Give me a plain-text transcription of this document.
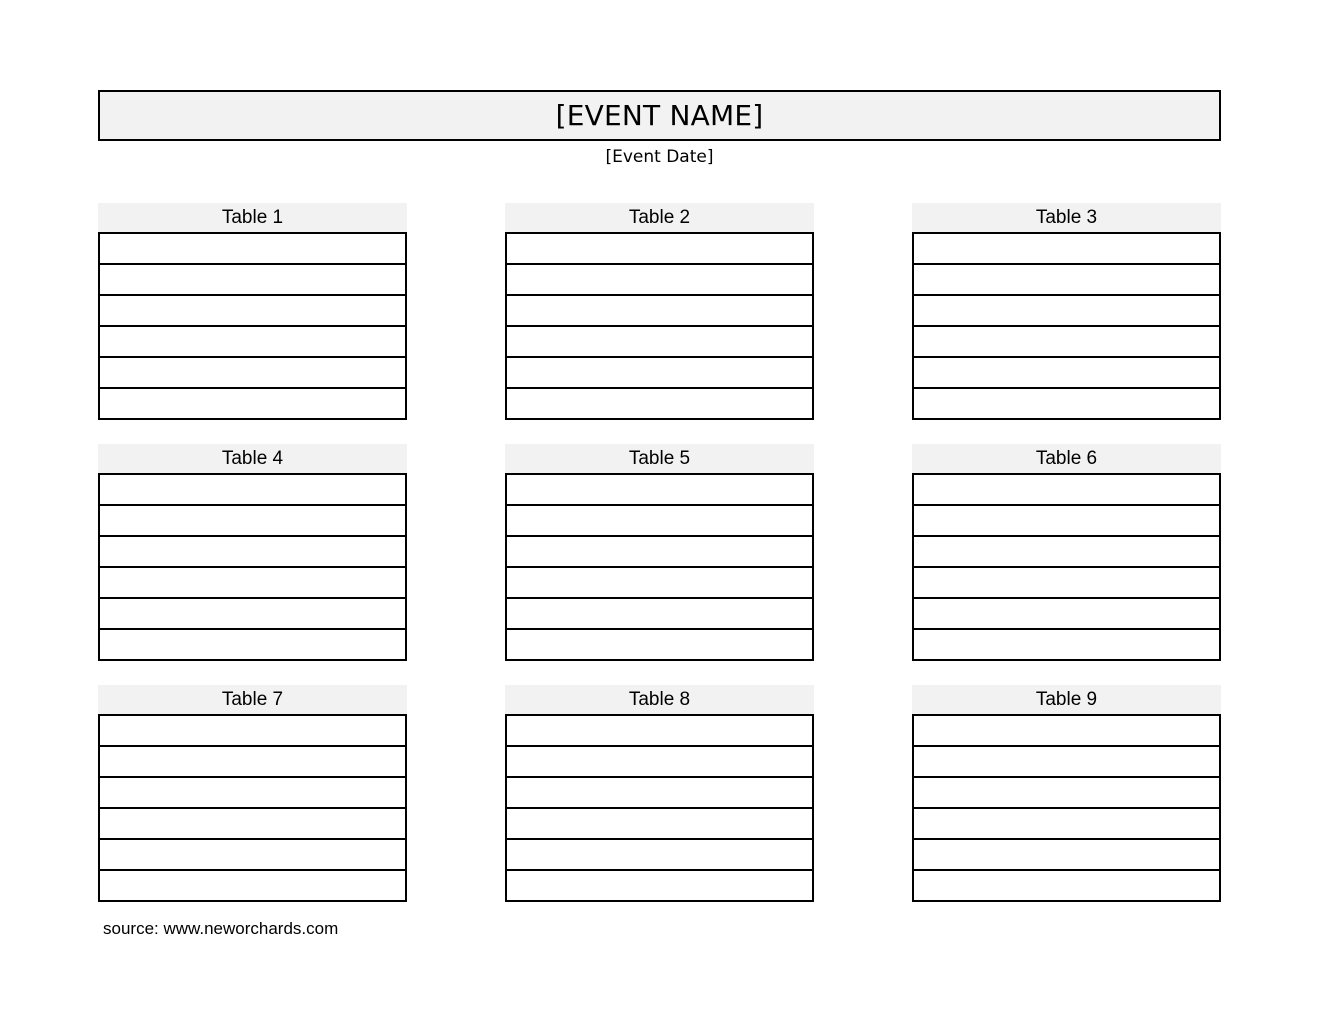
[EVENT NAME]
[Event Date]
Table 1	Table 2	Table 3
Table 4	Table 5	Table 6
Table 7	Table 8	Table 9
source: www.neworchards.com
